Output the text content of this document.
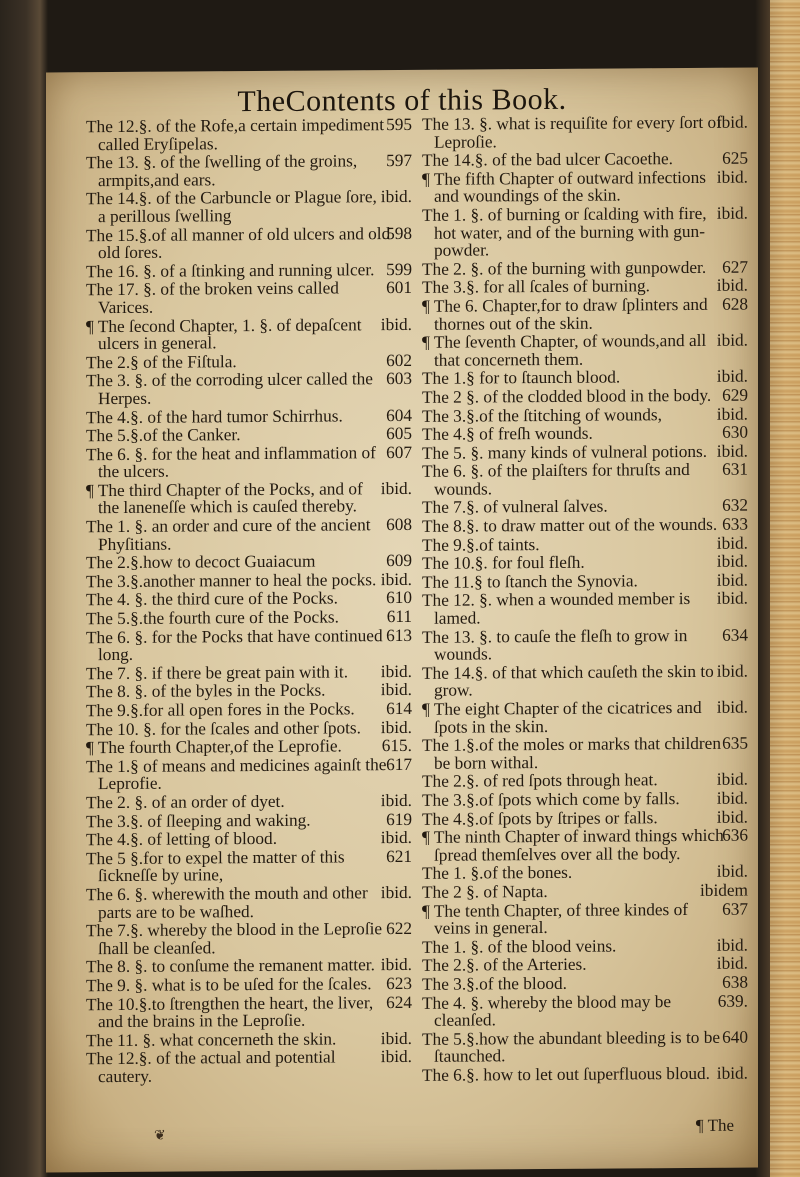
TheContents of this Book.
595
The 12.§. of the Rofe,a certain impediment called Eryſipelas.
597
The 13. §. of the ſwelling of the groins, armpits,and ears.
ibid.
The 14.§. of the Carbuncle or Plague ſore, a perillous ſwelling
598
The 15.§.of all manner of old ulcers and old old ſores.
599
The 16. §. of a ſtinking and running ulcer.
601
The 17. §. of the broken veins called Varices.
ibid.
¶ The ſecond Chapter, 1. §. of depaſcent ulcers in general.
602
The 2.§ of the Fiſtula.
603
The 3. §. of the corroding ulcer called the Herpes.
604
The 4.§. of the hard tumor Schirrhus.
605
The 5.§.of the Canker.
607
The 6. §. for the heat and inflammation of the ulcers.
ibid.
¶ The third Chapter of the Pocks, and of the laneneſſe which is cauſed thereby.
608
The 1. §. an order and cure of the ancient Phyſitians.
609
The 2.§.how to decoct Guaiacum
ibid.
The 3.§.another manner to heal the pocks.
610
The 4. §. the third cure of the Pocks.
611
The 5.§.the fourth cure of the Pocks.
613
The 6. §. for the Pocks that have continued long.
ibid.
The 7. §. if there be great pain with it.
ibid.
The 8. §. of the byles in the Pocks.
614
The 9.§.for all open fores in the Pocks.
ibid.
The 10. §. for the ſcales and other ſpots.
615.
¶ The fourth Chapter,of the Leprofie.
617
The 1.§ of means and medicines againſt the Leprofie.
ibid.
The 2. §. of an order of dyet.
619
The 3.§. of ſleeping and waking.
ibid.
The 4.§. of letting of blood.
621
The 5 §.for to expel the matter of this ſickneſſe by urine,
ibid.
The 6. §. wherewith the mouth and other parts are to be waſhed.
622
The 7.§. whereby the blood in the Leproſie ſhall be cleanſed.
ibid.
The 8. §. to conſume the remanent matter.
623
The 9. §. what is to be uſed for the ſcales.
624
The 10.§.to ſtrengthen the heart, the liver, and the brains in the Leproſie.
ibid.
The 11. §. what concerneth the skin.
ibid.
The 12.§. of the actual and potential cautery.
ibid.
The 13. §. what is requiſite for every ſort of Leproſie.
625
The 14.§. of the bad ulcer Cacoethe.
ibid.
¶ The fifth Chapter of outward infections and woundings of the skin.
ibid.
The 1. §. of burning or ſcalding with fire, hot water, and of the burning with gun-powder.
627
The 2. §. of the burning with gunpowder.
ibid.
The 3.§. for all ſcales of burning.
628
¶ The 6. Chapter,for to draw ſplinters and thornes out of the skin.
ibid.
¶ The ſeventh Chapter, of wounds,and all that concerneth them.
ibid.
The 1.§ for to ſtaunch blood.
629
The 2 §. of the clodded blood in the body.
ibid.
The 3.§.of the ſtitching of wounds,
630
The 4.§ of freſh wounds.
ibid.
The 5. §. many kinds of vulneral potions.
631
The 6. §. of the plaiſters for thruſts and wounds.
632
The 7.§. of vulneral ſalves.
633
The 8.§. to draw matter out of the wounds.
ibid.
The 9.§.of taints.
ibid.
The 10.§. for foul fleſh.
ibid.
The 11.§ to ſtanch the Synovia.
ibid.
The 12. §. when a wounded member is lamed.
634
The 13. §. to cauſe the fleſh to grow in wounds.
ibid.
The 14.§. of that which cauſeth the skin to grow.
ibid.
¶ The eight Chapter of the cicatrices and ſpots in the skin.
635
The 1.§.of the moles or marks that children be born withal.
ibid.
The 2.§. of red ſpots through heat.
ibid.
The 3.§.of ſpots which come by falls.
ibid.
The 4.§.of ſpots by ſtripes or falls.
636
¶ The ninth Chapter of inward things which ſpread themſelves over all the body.
ibid.
The 1. §.of the bones.
ibidem
The 2 §. of Napta.
637
¶ The tenth Chapter, of three kindes of veins in general.
ibid.
The 1. §. of the blood veins.
ibid.
The 2.§. of the Arteries.
638
The 3.§.of the blood.
639.
The 4. §. whereby the blood may be cleanſed.
640
The 5.§.how the abundant bleeding is to be ſtaunched.
ibid.
The 6.§. how to let out ſuperfluous bloud.
❦
¶ The
